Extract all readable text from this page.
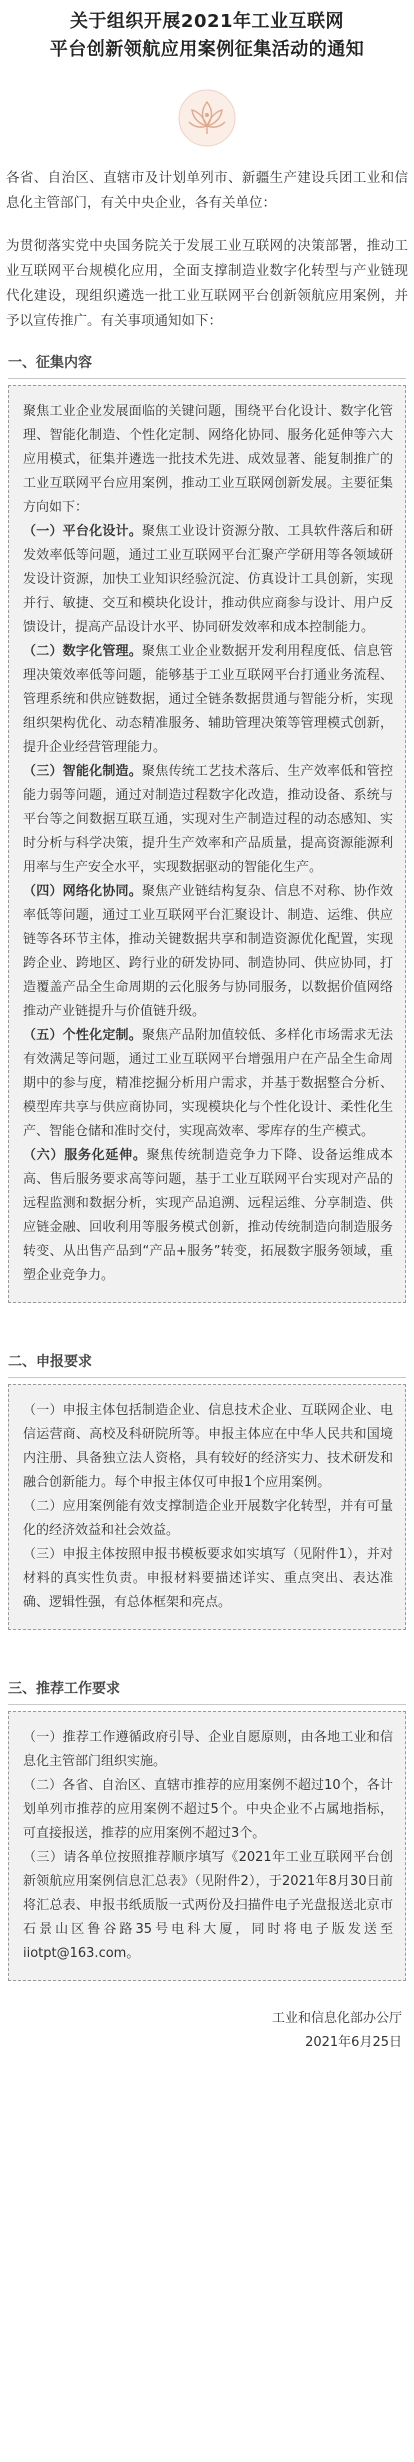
关于组织开展2021年工业互联网

平台创新领航应用案例征集活动的通知

各省、自治区、直辖市及计划单列市、新疆生产建设兵团工业和信息化主管部门，有关中央企业，各有关单位：

为贯彻落实党中央国务院关于发展工业互联网的决策部署，推动工业互联网平台规模化应用，全面支撑制造业数字化转型与产业链现代化建设，现组织遴选一批工业互联网平台创新领航应用案例，并予以宣传推广。有关事项通知如下：

一、征集内容

聚焦工业企业发展面临的关键问题，围绕平台化设计、数字化管理、智能化制造、个性化定制、网络化协同、服务化延伸等六大应用模式，征集并遴选一批技术先进、成效显著、能复制推广的工业互联网平台应用案例，推动工业互联网创新发展。主要征集方向如下：

（一）平台化设计。聚焦工业设计资源分散、工具软件落后和研发效率低等问题，通过工业互联网平台汇聚产学研用等各领域研发设计资源，加快工业知识经验沉淀、仿真设计工具创新，实现并行、敏捷、交互和模块化设计，推动供应商参与设计、用户反馈设计，提高产品设计水平、协同研发效率和成本控制能力。

（二）数字化管理。聚焦工业企业数据开发利用程度低、信息管理决策效率低等问题，能够基于工业互联网平台打通业务流程、管理系统和供应链数据，通过全链条数据贯通与智能分析，实现组织架构优化、动态精准服务、辅助管理决策等管理模式创新，提升企业经营管理能力。

（三）智能化制造。聚焦传统工艺技术落后、生产效率低和管控能力弱等问题，通过对制造过程数字化改造，推动设备、系统与平台等之间数据互联互通，实现对生产制造过程的动态感知、实时分析与科学决策，提升生产效率和产品质量，提高资源能源利用率与生产安全水平，实现数据驱动的智能化生产。

（四）网络化协同。聚焦产业链结构复杂、信息不对称、协作效率低等问题，通过工业互联网平台汇聚设计、制造、运维、供应链等各环节主体，推动关键数据共享和制造资源优化配置，实现跨企业、跨地区、跨行业的研发协同、制造协同、供应协同，打造覆盖产品全生命周期的云化服务与协同服务，以数据价值网络推动产业链提升与价值链升级。

（五）个性化定制。聚焦产品附加值较低、多样化市场需求无法有效满足等问题，通过工业互联网平台增强用户在产品全生命周期中的参与度，精准挖掘分析用户需求，并基于数据整合分析、模型库共享与供应商协同，实现模块化与个性化设计、柔性化生产、智能仓储和准时交付，实现高效率、零库存的生产模式。

（六）服务化延伸。聚焦传统制造竞争力下降、设备运维成本高、售后服务要求高等问题，基于工业互联网平台实现对产品的远程监测和数据分析，实现产品追溯、远程运维、分享制造、供应链金融、回收利用等服务模式创新，推动传统制造向制造服务转变、从出售产品到“产品+服务”转变，拓展数字服务领域，重塑企业竞争力。

二、申报要求

（一）申报主体包括制造企业、信息技术企业、互联网企业、电信运营商、高校及科研院所等。申报主体应在中华人民共和国境内注册、具备独立法人资格，具有较好的经济实力、技术研发和融合创新能力。每个申报主体仅可申报1个应用案例。

（二）应用案例能有效支撑制造企业开展数字化转型，并有可量化的经济效益和社会效益。

（三）申报主体按照申报书模板要求如实填写（见附件1），并对材料的真实性负责。申报材料要描述详实、重点突出、表达准确、逻辑性强，有总体框架和亮点。

三、推荐工作要求

（一）推荐工作遵循政府引导、企业自愿原则，由各地工业和信息化主管部门组织实施。

（二）各省、自治区、直辖市推荐的应用案例不超过10个，各计划单列市推荐的应用案例不超过5个。中央企业不占属地指标，可直接报送，推荐的应用案例不超过3个。

（三）请各单位按照推荐顺序填写《2021年工业互联网平台创新领航应用案例信息汇总表》（见附件2），于2021年8月30日前将汇总表、申报书纸质版一式两份及扫描件电子光盘报送北京市石景山区鲁谷路35号电科大厦，同时将电子版发送至iiotpt@163.com。

工业和信息化部办公厅
2021年6月25日
